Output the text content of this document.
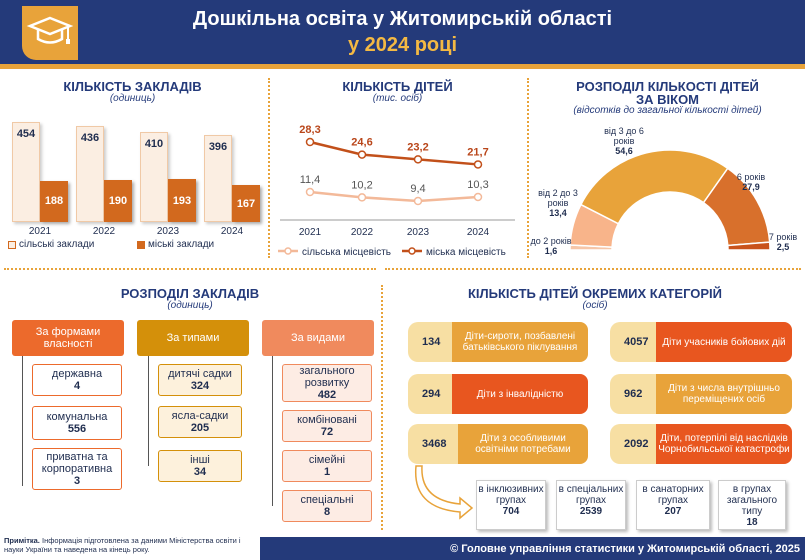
Дошкільна освіта у Житомирській області
у 2024 році
КІЛЬКІСТЬ ЗАКЛАДІВ
(одиниць)
454
188
2021
436
190
2022
410
193
2023
396
167
2024
сільські заклади	міські заклади
КІЛЬКІСТЬ ДІТЕЙ
(тис. осіб)
28,3
11,4
2021
24,6
10,2
2022
23,2
9,4
2023
21,7
10,3
2024
сільська місцевість	міська місцевість
РОЗПОДІЛ КІЛЬКОСТІ ДІТЕЙ
ЗА ВІКОМ
(відсотків до загальної кількості дітей)
від 3 до 6
років
54,6
6 років
27,9
від 2 до 3
років
13,4
до 2 років
1,6
7 років
2,5
РОЗПОДІЛ ЗАКЛАДІВ
(одиниць)
За формами власності
державна
4
комунальна
556
приватна та корпоративна
3
За типами
дитячі садки
324
ясла-садки
205
інші
34
За видами
загального розвитку
482
комбіновані
72
сімейні
1
спеціальні
8
КІЛЬКІСТЬ ДІТЕЙ ОКРЕМИХ КАТЕГОРІЙ
(осіб)
134	Діти-сироти, позбавлені батьківського піклування	4057	Діти учасників бойових дій
294	Діти з інвалідністю	962	Діти з числа внутрішньо переміщених осіб
3468	Діти з особливими освітніми потребами	2092	Діти, потерпілі від наслідків Чорнобильської катастрофи
в інклюзивних групах
704
в спеціальних групах
2539
в санаторних групах
207
в групах загального типу
18
Примітка. Інформація підготовлена за даними Міністерства освіти і науки України та наведена на кінець року.	© Головне управління статистики у Житомирській області, 2025
